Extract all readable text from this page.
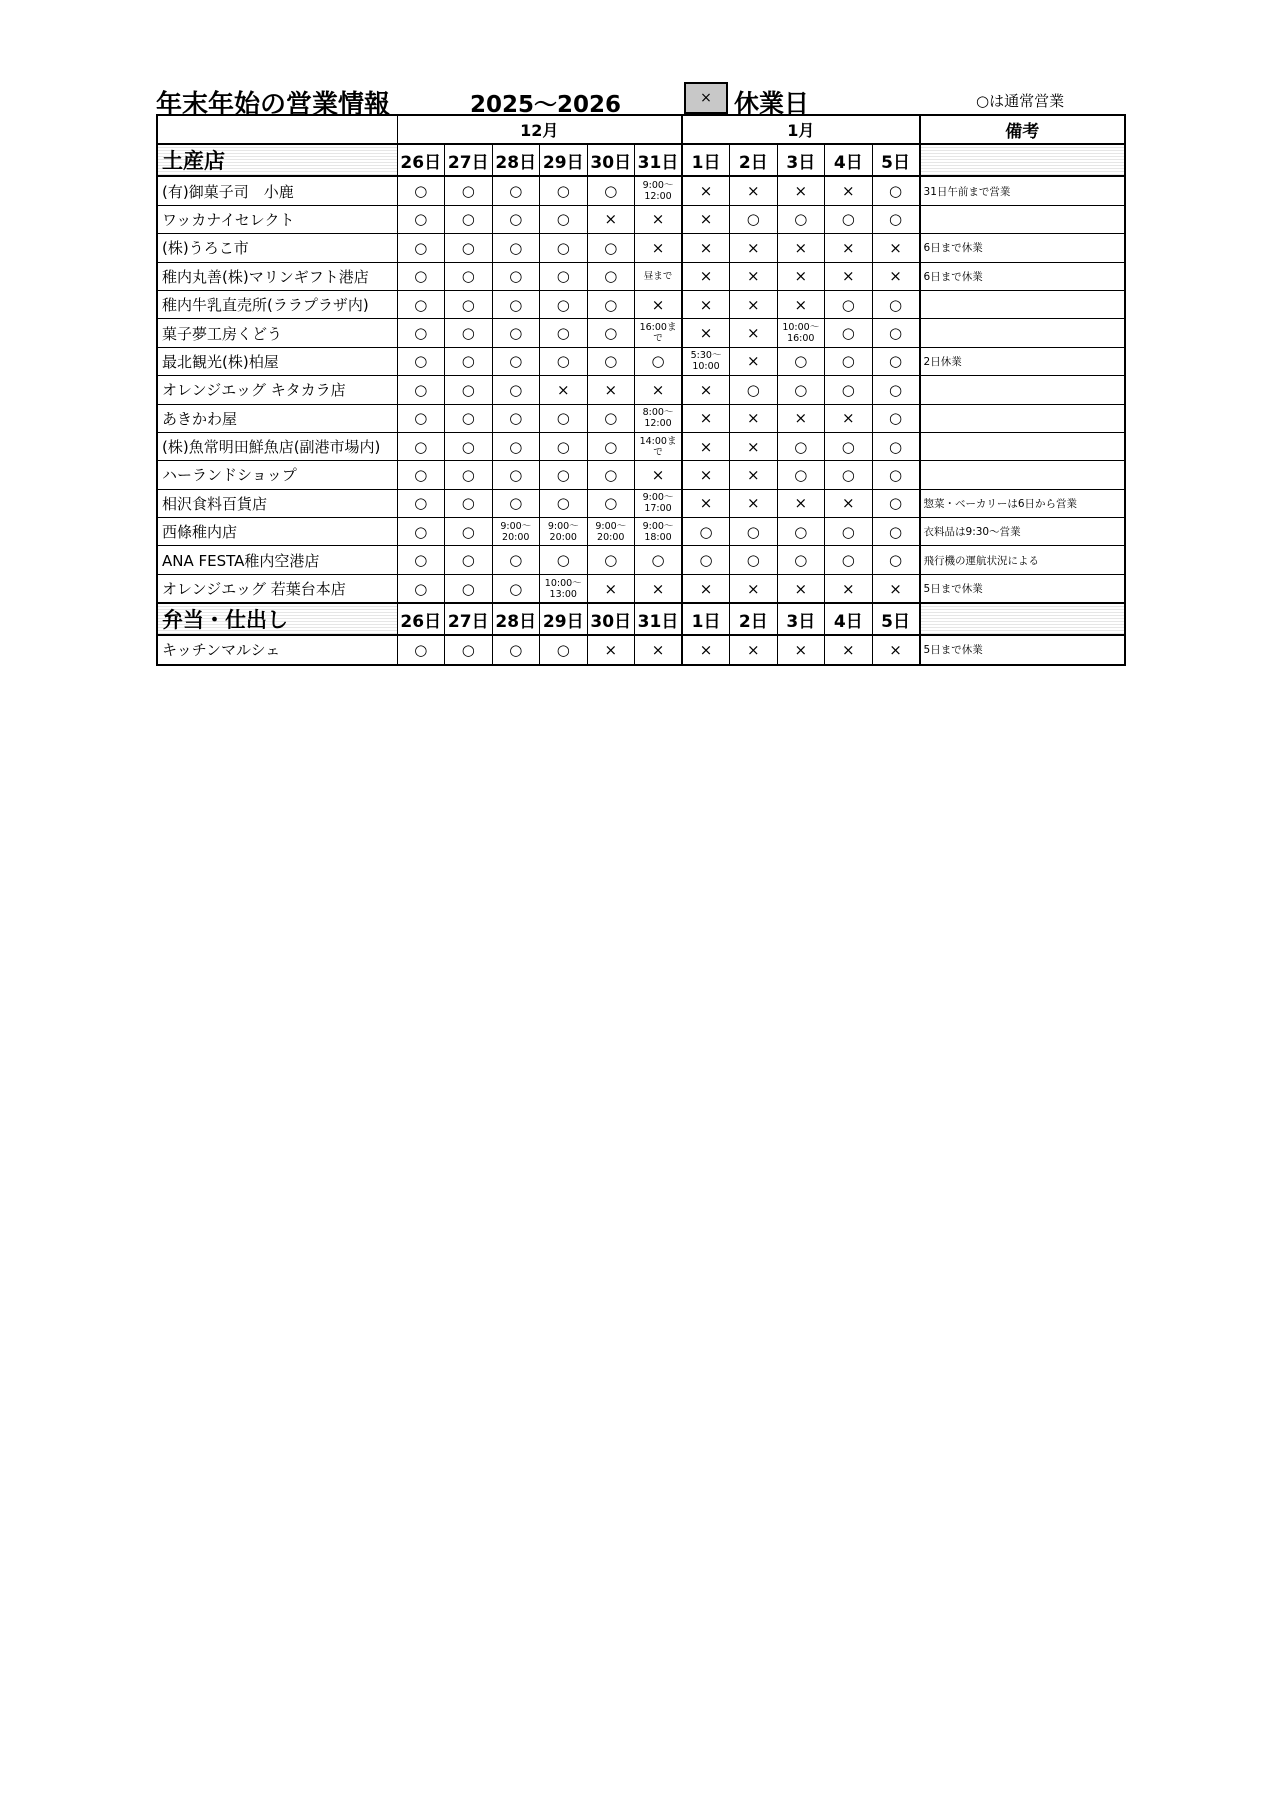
年末年始の営業情報	2025～2026	× 休業日	○は通常営業
	12月						1月					備考
土産店	26日	27日	28日	29日	30日	31日	1日	2日	3日	4日	5日	
(有)御菓子司　小鹿	○	○	○	○	○	9:00～12:00	×	×	×	×	○	31日午前まで営業
ワッカナイセレクト	○	○	○	○	×	×	×	○	○	○	○	
(株)うろこ市	○	○	○	○	○	×	×	×	×	×	×	6日まで休業
稚内丸善(株)マリンギフト港店	○	○	○	○	○	昼まで	×	×	×	×	×	6日まで休業
稚内牛乳直売所(ララプラザ内)	○	○	○	○	○	×	×	×	×	○	○	
菓子夢工房くどう	○	○	○	○	○	16:00まで	×	×	10:00～16:00	○	○	
最北観光(株)柏屋	○	○	○	○	○	○	5:30～10:00	×	○	○	○	2日休業
オレンジエッグ キタカラ店	○	○	○	×	×	×	×	○	○	○	○	
あきかわ屋	○	○	○	○	○	8:00～12:00	×	×	×	×	○	
(株)魚常明田鮮魚店(副港市場内)	○	○	○	○	○	14:00まで	×	×	○	○	○	
ハーランドショップ	○	○	○	○	○	×	×	×	○	○	○	
相沢食料百貨店	○	○	○	○	○	9:00～17:00	×	×	×	×	○	惣菜・ベーカリーは6日から営業
西條稚内店	○	○	9:00～20:00	9:00～20:00	9:00～20:00	9:00～18:00	○	○	○	○	○	衣料品は9:30～営業
ANA FESTA稚内空港店	○	○	○	○	○	○	○	○	○	○	○	飛行機の運航状況による
オレンジエッグ 若葉台本店	○	○	○	10:00～13:00	×	×	×	×	×	×	×	5日まで休業
弁当・仕出し	26日	27日	28日	29日	30日	31日	1日	2日	3日	4日	5日	
キッチンマルシェ	○	○	○	○	×	×	×	×	×	×	×	5日まで休業
